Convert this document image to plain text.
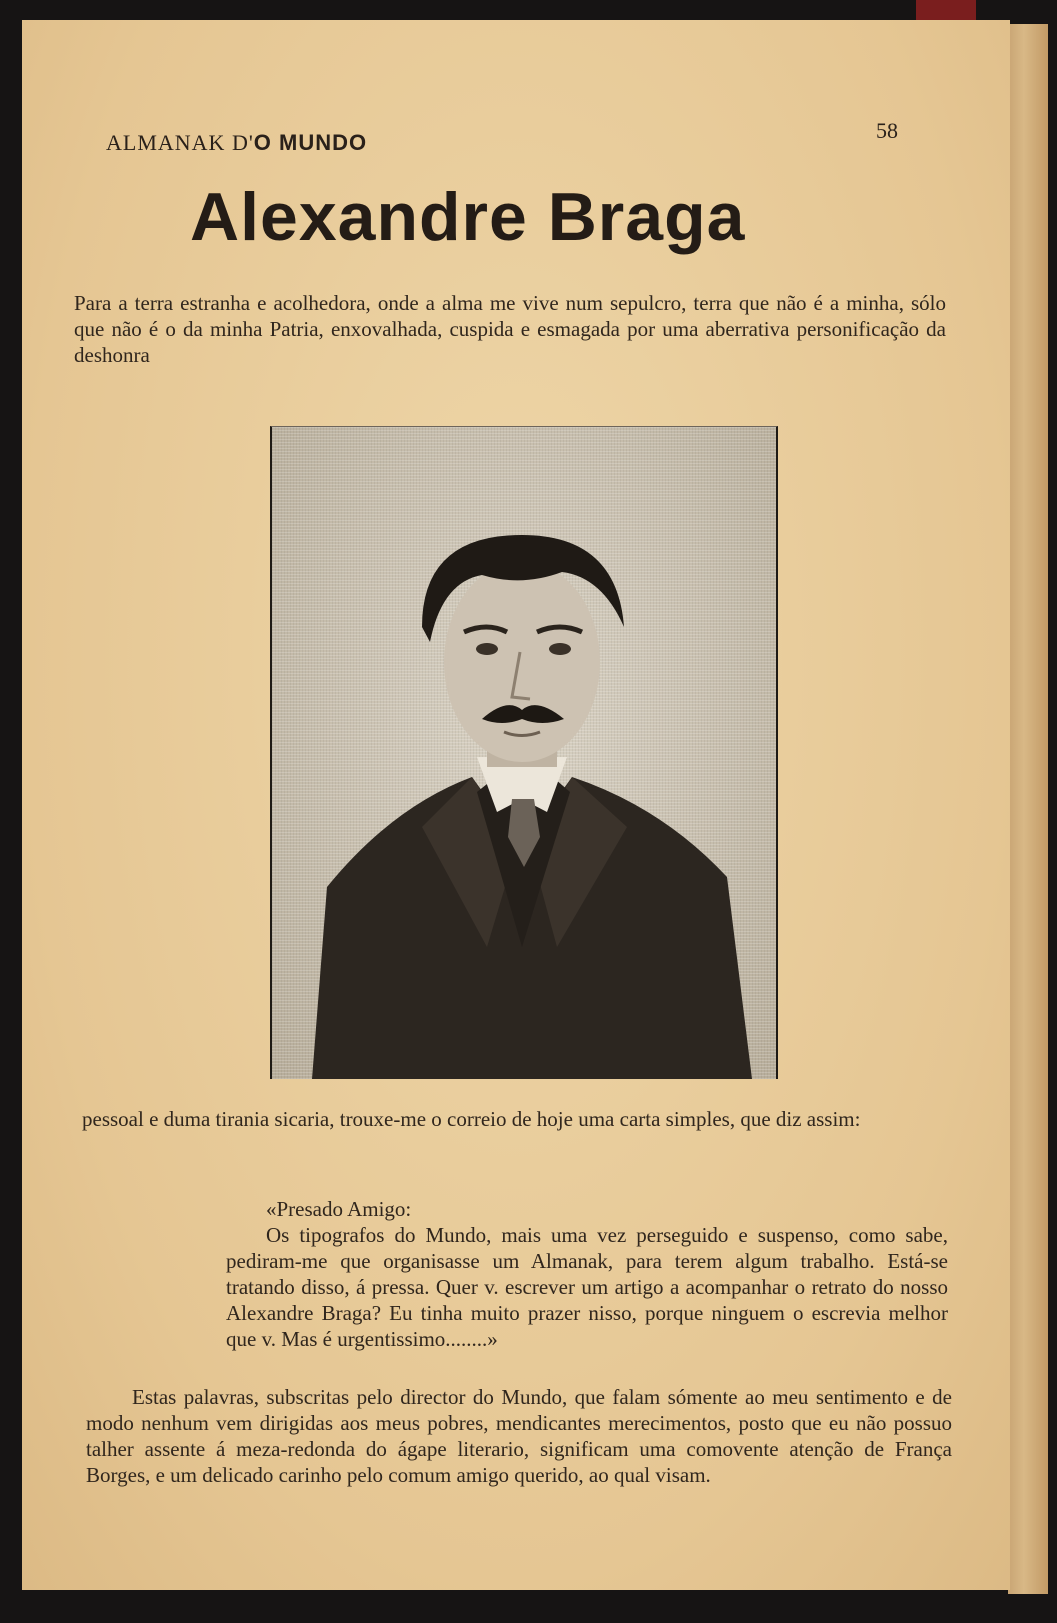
ALMANAK D'O MUNDO	58
Alexandre Braga

Para a terra estranha e acolhedora, onde a alma me vive num sepulcro, terra que não é a minha, sólo que não é o da minha Patria, enxovalhada, cuspida e esmagada por uma aberrativa personificação da deshonra

pessoal e duma tirania sicaria, trouxe-me o correio de hoje uma carta simples, que diz assim:

«Presado Amigo:

Os tipografos do Mundo, mais uma vez perseguido e suspenso, como sabe, pediram-me que organisasse um Almanak, para terem algum trabalho. Está-se tratando disso, á pressa. Quer v. escrever um artigo a acompanhar o retrato do nosso Alexandre Braga? Eu tinha muito prazer nisso, porque ninguem o escrevia melhor que v. Mas é urgentissimo........»

Estas palavras, subscritas pelo director do Mundo, que falam sómente ao meu sentimento e de modo nenhum vem dirigidas aos meus pobres, mendicantes merecimentos, posto que eu não possuo talher assente á meza-redonda do ágape literario, significam uma comovente atenção de França Borges, e um delicado carinho pelo comum amigo querido, ao qual visam.
